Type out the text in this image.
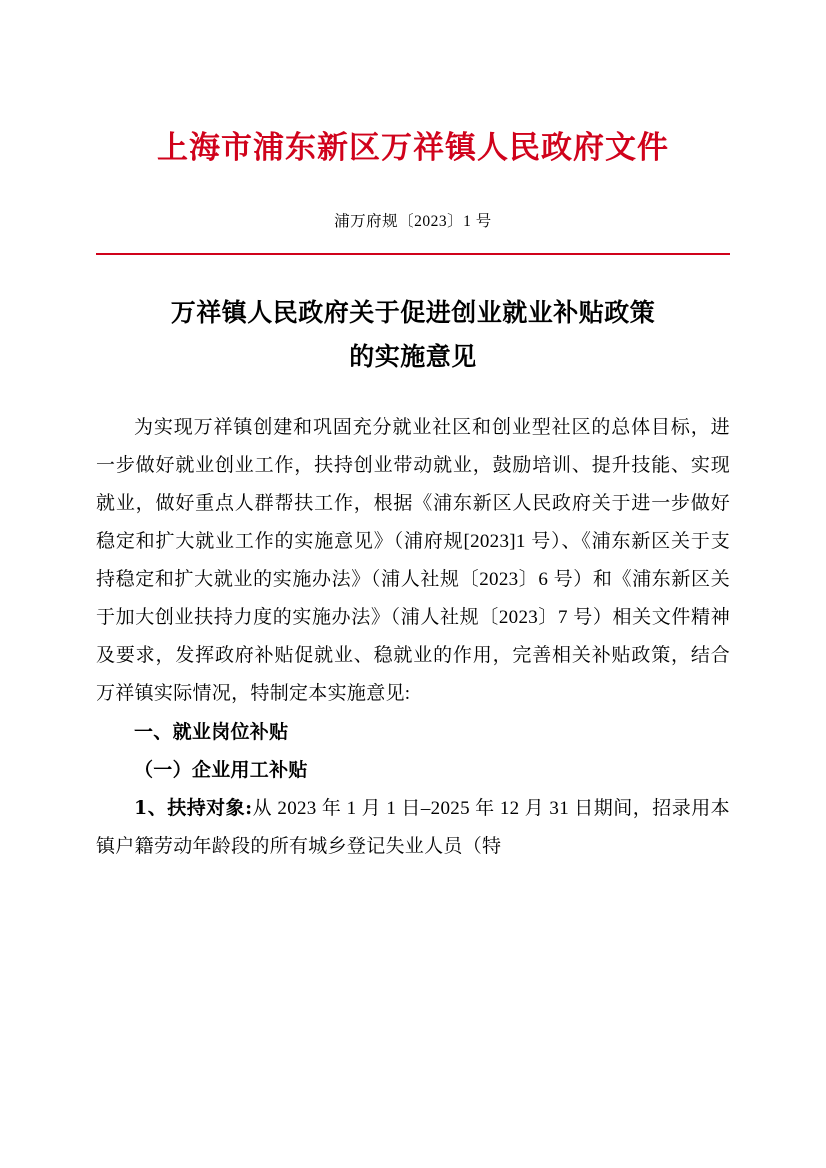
上海市浦东新区万祥镇人民政府文件
浦万府规〔2023〕1 号
万祥镇人民政府关于促进创业就业补贴政策
的实施意见

为实现万祥镇创建和巩固充分就业社区和创业型社区的总体目标，进一步做好就业创业工作，扶持创业带动就业，鼓励培训、提升技能、实现就业，做好重点人群帮扶工作，根据《浦东新区人民政府关于进一步做好稳定和扩大就业工作的实施意见》（浦府规[2023]1 号）、《浦东新区关于支持稳定和扩大就业的实施办法》（浦人社规〔2023〕6 号）和《浦东新区关于加大创业扶持力度的实施办法》（浦人社规〔2023〕7 号）相关文件精神及要求，发挥政府补贴促就业、稳就业的作用，完善相关补贴政策，结合万祥镇实际情况，特制定本实施意见:

一、就业岗位补贴

（一）企业用工补贴

1、扶持对象:从 2023 年 1 月 1 日–2025 年 12 月 31 日期间，招录用本镇户籍劳动年龄段的所有城乡登记失业人员（特
